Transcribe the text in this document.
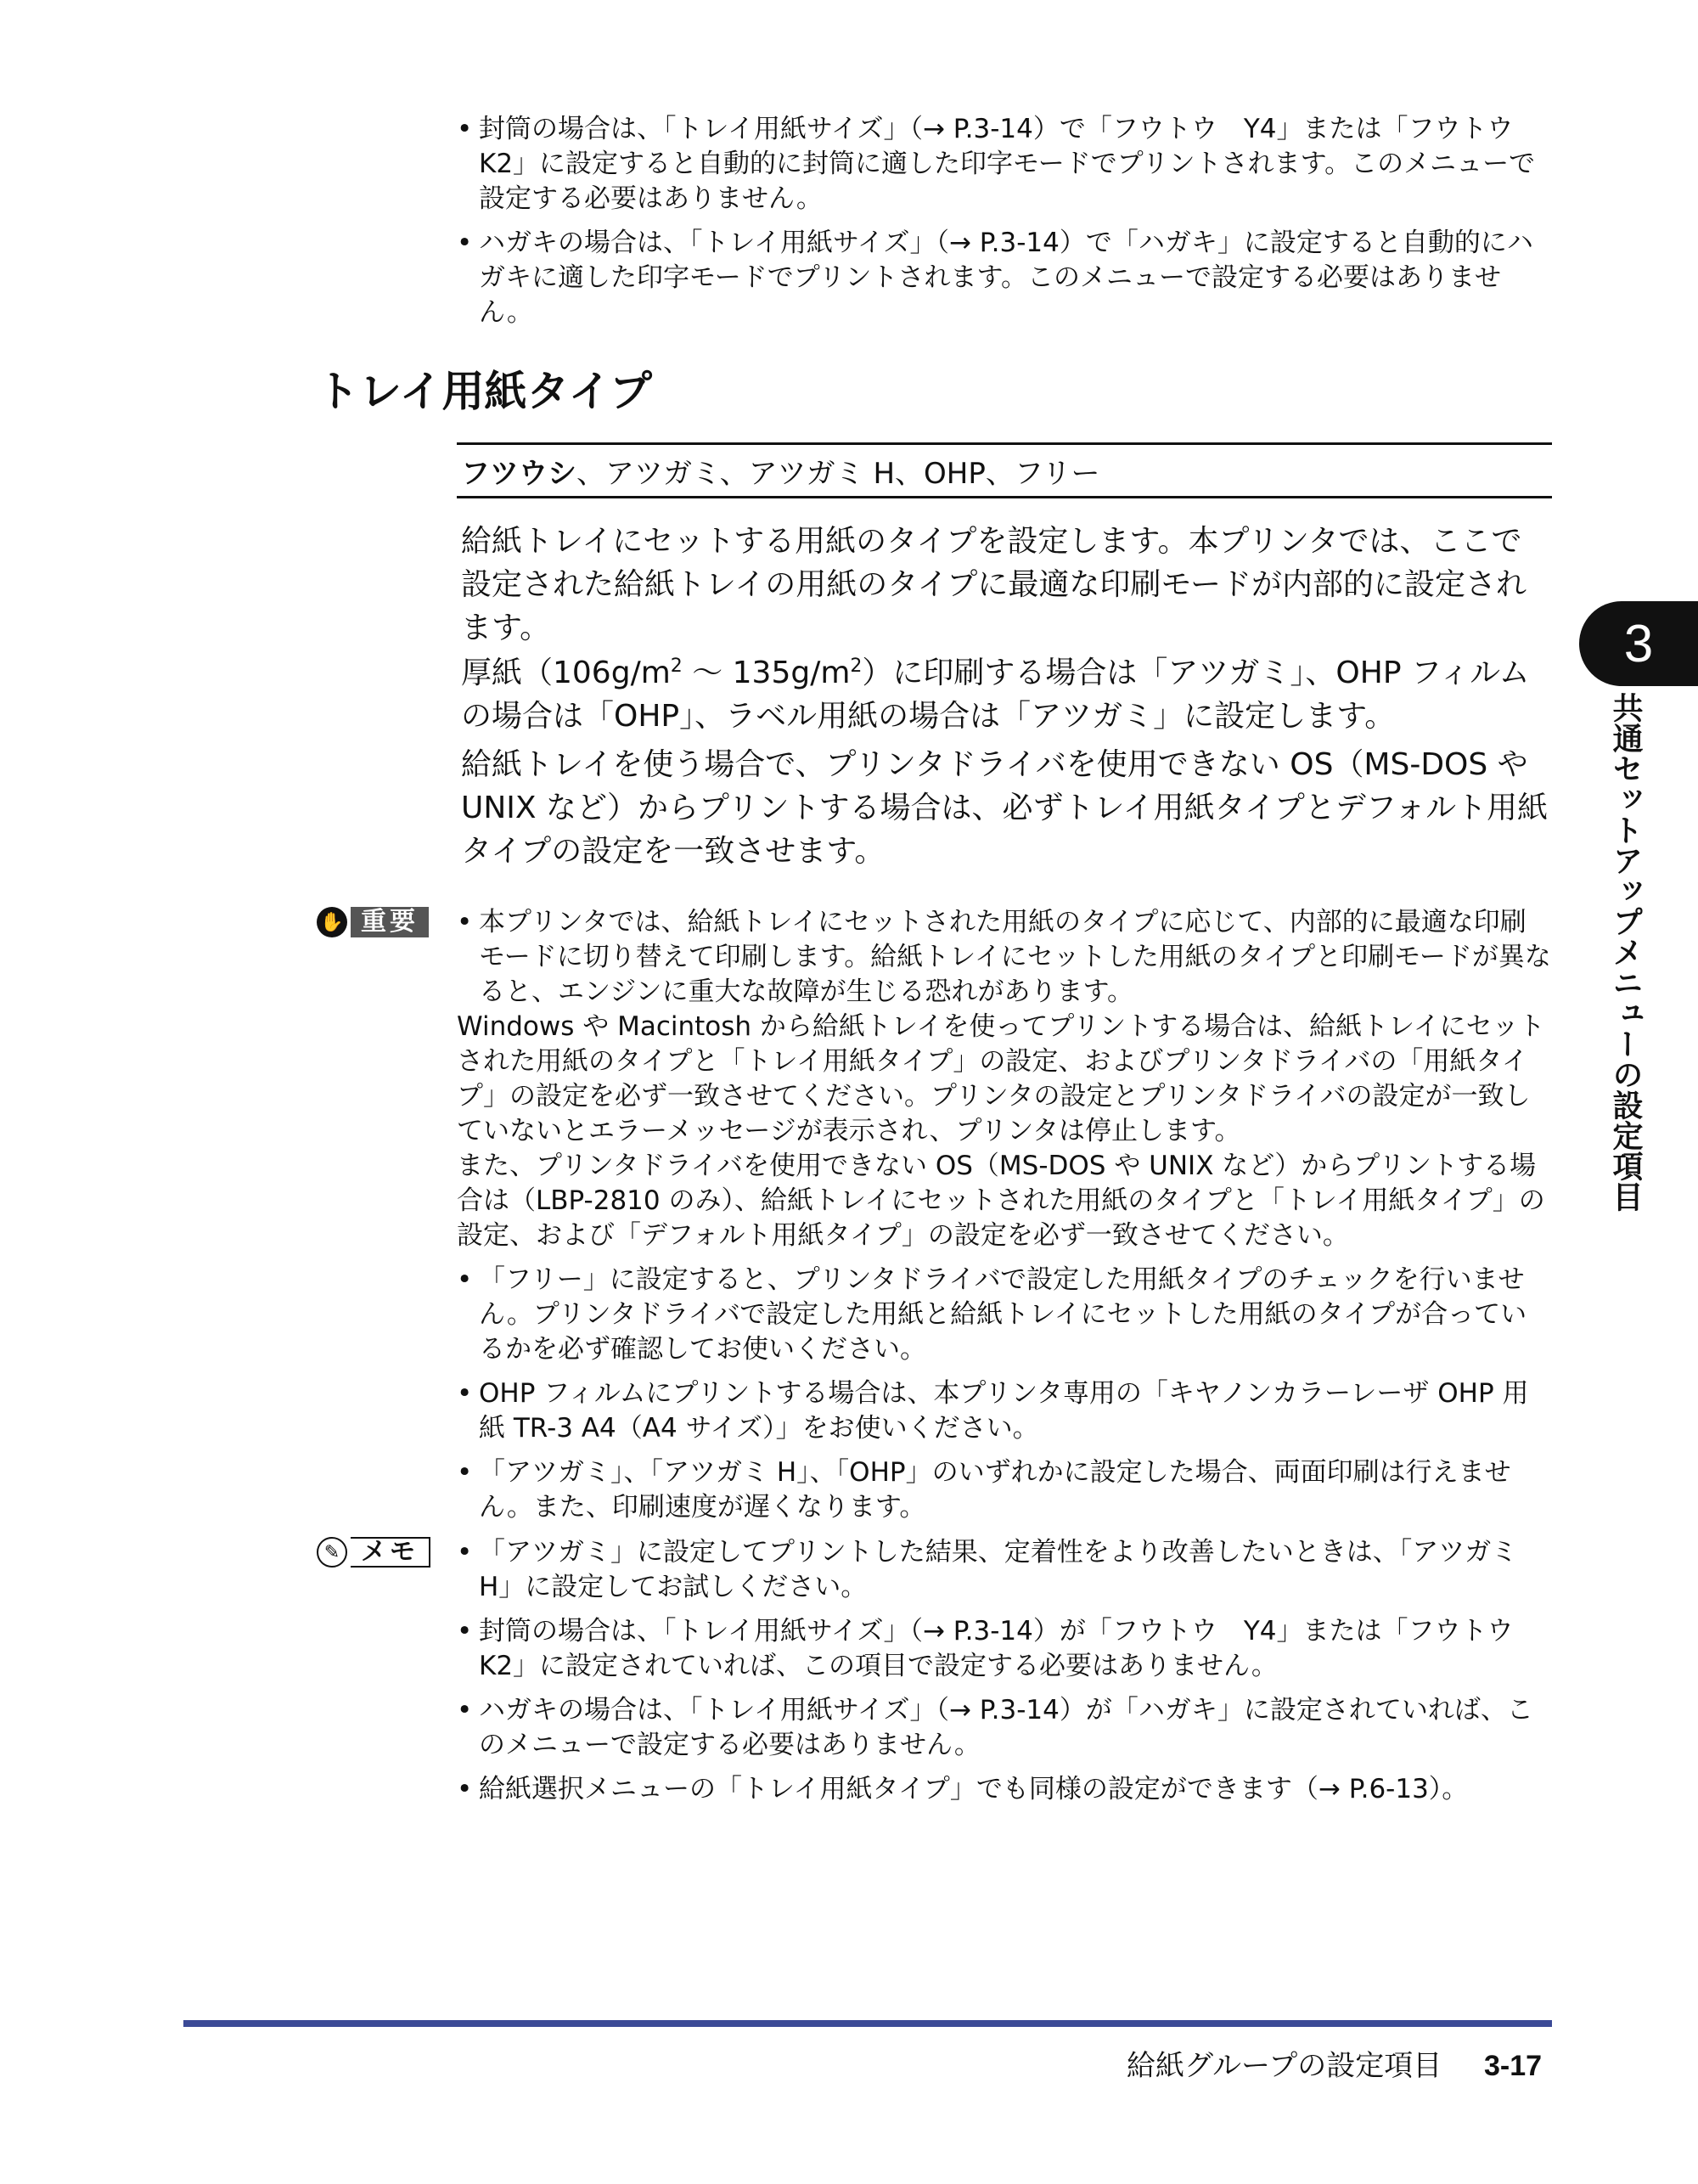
• 封筒の場合は、「トレイ用紙サイズ」（→ P.3-14）で「フウトウ　Y4」または「フウトウ　K2」に設定すると自動的に封筒に適した印字モードでプリントされます。このメニューで設定する必要はありません。
• ハガキの場合は、「トレイ用紙サイズ」（→ P.3-14）で「ハガキ」に設定すると自動的にハガキに適した印字モードでプリントされます。このメニューで設定する必要はありません。
トレイ用紙タイプ
フツウシ、アツガミ、アツガミ H、OHP、フリー

給紙トレイにセットする用紙のタイプを設定します。本プリンタでは、ここで設定された給紙トレイの用紙のタイプに最適な印刷モードが内部的に設定されます。

厚紙（$106g/m^2$ ～ $135g/m^2$）に印刷する場合は「アツガミ」、OHP フィルムの場合は「OHP」、ラベル用紙の場合は「アツガミ」に設定します。

給紙トレイを使う場合で、プリンタドライバを使用できない OS（MS-DOS や UNIX など）からプリントする場合は、必ずトレイ用紙タイプとデフォルト用紙タイプの設定を一致させます。

✋ 重要	• 本プリンタでは、給紙トレイにセットされた用紙のタイプに応じて、内部的に最適な印刷モードに切り替えて印刷します。給紙トレイにセットした用紙のタイプと印刷モードが異なると、エンジンに重大な故障が生じる恐れがあります。
Windows や Macintosh から給紙トレイを使ってプリントする場合は、給紙トレイにセットされた用紙のタイプと「トレイ用紙タイプ」の設定、およびプリンタドライバの「用紙タイプ」の設定を必ず一致させてください。プリンタの設定とプリンタドライバの設定が一致していないとエラーメッセージが表示され、プリンタは停止します。
また、プリンタドライバを使用できない OS（MS-DOS や UNIX など）からプリントする場合は（LBP-2810 のみ）、給紙トレイにセットされた用紙のタイプと「トレイ用紙タイプ」の設定、および「デフォルト用紙タイプ」の設定を必ず一致させてください。
• 「フリー」に設定すると、プリンタドライバで設定した用紙タイプのチェックを行いません。プリンタドライバで設定した用紙と給紙トレイにセットした用紙のタイプが合っているかを必ず確認してお使いください。
• OHP フィルムにプリントする場合は、本プリンタ専用の「キヤノンカラーレーザ OHP 用紙 TR-3 A4（A4 サイズ）」をお使いください。
• 「アツガミ」、「アツガミ H」、「OHP」のいずれかに設定した場合、両面印刷は行えません。また、印刷速度が遅くなります。
✎ メモ	• 「アツガミ」に設定してプリントした結果、定着性をより改善したいときは、「アツガミ H」に設定してお試しください。
• 封筒の場合は、「トレイ用紙サイズ」（→ P.3-14）が「フウトウ　Y4」または「フウトウ　K2」に設定されていれば、この項目で設定する必要はありません。
• ハガキの場合は、「トレイ用紙サイズ」（→ P.3-14）が「ハガキ」に設定されていれば、このメニューで設定する必要はありません。
• 給紙選択メニューの「トレイ用紙タイプ」でも同様の設定ができます（→ P.6-13）。
3
共通セットアップメニューの設定項目
給紙グループの設定項目 3-17
